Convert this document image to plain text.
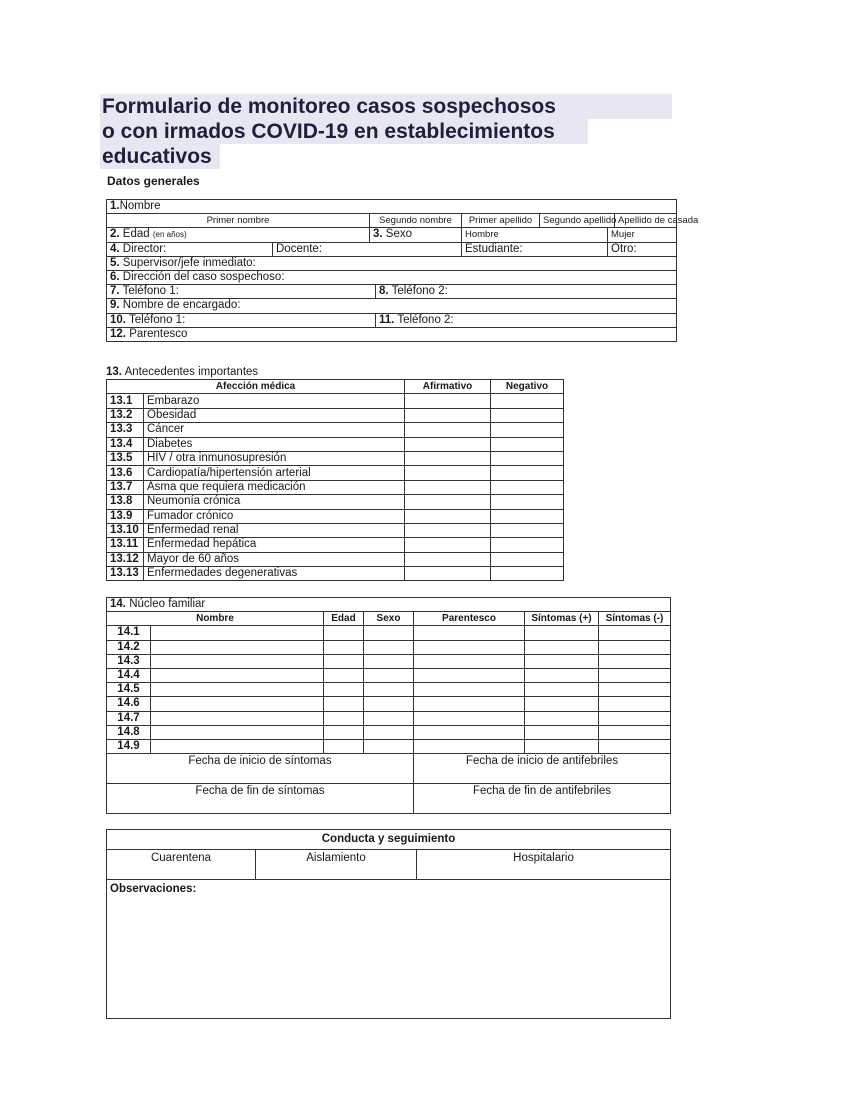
Formulario de monitoreo casos sospechosos
o con irmados COVID-19 en establecimientos
educativos
Datos generales
1.Nombre							
Primer nombre		Segundo nombre		Primer apellido	Segundo apellido		Apellido de casada
2. Edad (en años)		3. Sexo		Hombre		Mujer	
4. Director:	Docente:			Estudiante:		Otro:	
5. Supervisor/jefe inmediato:							
6. Dirección del caso sospechoso:							
7. Teléfono 1:			8. Teléfono 2:				
9. Nombre de encargado:							
10. Teléfono 1:			11. Teléfono 2:				
12. Parentesco							
13. Antecedentes importantes
Afección médica		Afirmativo	Negativo
13.1	Embarazo		
13.2	Obesidad		
13.3	Cáncer		
13.4	Diabetes		
13.5	HIV / otra inmunosupresión		
13.6	Cardiopatía/hipertensión arterial		
13.7	Asma que requiera medicación		
13.8	Neumonía crónica		
13.9	Fumador crónico		
13.10	Enfermedad renal		
13.11	Enfermedad hepática		
13.12	Mayor de 60 años		
13.13	Enfermedades degenerativas		
14. Núcleo familiar						
Nombre		Edad	Sexo	Parentesco	Síntomas (+)	Síntomas (-)
14.1						
14.2						
14.3						
14.4						
14.5						
14.6						
14.7						
14.8						
14.9						
Fecha de inicio de síntomas				Fecha de inicio de antifebriles		
Fecha de fin de síntomas				Fecha de fin de antifebriles		
Conducta y seguimiento
Cuarentena	Aislamiento	Hospitalario
Observaciones:
